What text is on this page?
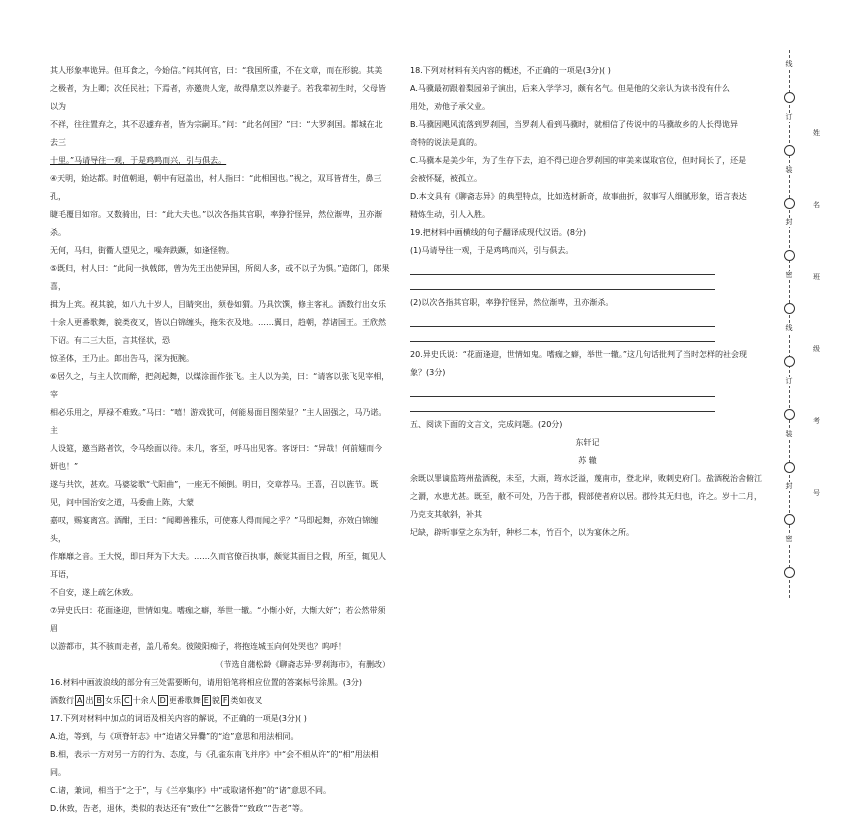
其人形象率诡异。但耳食之，今始信。”问其何官，曰：“我国所重，不在文章，而在形貌。其美
之极者，为上卿；次任民社；下焉者，亦邀贵人宠，故得鼎烹以养妻子。若我辈初生时，父母皆以为
不祥，往往置弃之，其不忍遽弃者，皆为宗嗣耳。”问：“此名何国？”曰：“大罗刹国。都城在北去三
十里。”马请导往一观，于是鸡鸣而兴，引与俱去。
④天明，始达都。时值朝退，朝中有冠盖出，村人指曰：“此相国也。”视之，双耳皆背生，鼻三孔，
睫毛覆目如帘。又数骑出，曰：“此大夫也。”以次各指其官职，率狰狞怪异，然位渐卑，丑亦渐杀。
无何，马归，街衢人望见之，噪奔跌蹶，如逢怪物。
⑤既归，村人曰：“此间一执戟郎，曾为先王出使异国，所阅人多，或不以子为惧。”造郎门，郎果喜，
揖为上宾。视其貌，如八九十岁人，目睛突出，须卷如猬。乃具饮馔，修主客礼。酒数行出女乐
十余人更番歌舞，貌类夜叉，皆以白锦缠头，拖朱衣及地。……翼日，趋朝，荐诸国王。王欣然下诏。有二三大臣，言其怪状，恐
惊圣体，王乃止。郎出告马，深为扼腕。
⑥居久之，与主人饮而醉，把剑起舞，以煤涂面作张飞。主人以为美，曰：“请客以张飞见宰相，宰
相必乐用之，厚禄不难致。”马曰：“嘻！游戏犹可，何能易面目图荣显？”主人固强之，马乃诺。主
人设筵，邀当路者饮，令马绘面以待。未几，客至，呼马出见客。客讶曰：“异哉！何前媸而今妍也！”
遂与共饮，甚欢。马婆娑歌“弋阳曲”，一座无不倾倒。明日，交章荐马。王喜，召以旌节。既见，问中国治安之道，马委曲上陈，大蒙
嘉叹，赐宴离宫。酒酣，王曰：“闻卿善雅乐，可使寡人得而闻之乎？”马即起舞，亦效白锦缠头，
作靡靡之音。王大悦，即日拜为下大夫。……久而官僚百执事，颇觉其面目之假，所至，辄见人耳语，
不自安，遂上疏乞休致。
⑦异史氏曰：花面逢迎，世情如鬼。嗜痂之癖，举世一辙。“小惭小好，大惭大好”；若公然带须眉
以游都市，其不骇而走者，盖几希矣。彼陵阳痴子，将抱连城玉向何处哭也？呜呼！
（节选自蒲松龄《聊斋志异·罗刹海市》，有删改）
16.材料中画波浪线的部分有三处需要断句，请用铅笔将相应位置的答案标号涂黑。(3分)
酒数行 A 出 B 女乐 C 十余人 D 更番歌舞 E 貌 F 类如夜叉
17.下列对材料中加点的词语及相关内容的解说，不正确的一项是(3分)( )
A.迨，等到，与《项脊轩志》中“迨诸父异爨”的“迨”意思和用法相同。
B.相，表示一方对另一方的行为、态度，与《孔雀东南飞并序》中“会不相从许”的“相”用法相
同。
C.诸，兼词，相当于“之于”，与《兰亭集序》中“或取诸怀抱”的“诸”意思不同。
D.休致，告老，退休，类似的表达还有“致仕”“乞骸骨”“致政”“告老”等。
18.下列对材料有关内容的概述，不正确的一项是(3分)( )
A.马骥最初跟着梨园弟子演出，后来入学学习，颇有名气。但是他的父亲认为读书没有什么
用处，劝他子承父业。
B.马骥因飓风流落到罗刹国，当罗刹人看到马骥时，就相信了传说中的马骥故乡的人长得诡异
奇特的说法是真的。
C.马骥本是美少年，为了生存下去，迫不得已迎合罗刹国的审美来谋取官位，但时间长了，还是
会被怀疑，被孤立。
D.本文具有《聊斋志异》的典型特点，比如选材新奇，故事曲折，叙事写人细腻形象，语言表达
精炼生动，引人入胜。
19.把材料中画横线的句子翻译成现代汉语。(8分)
(1)马请导往一观，于是鸡鸣而兴，引与俱去。
(2)以次各指其官职，率狰狞怪异，然位渐卑，丑亦渐杀。
20.异史氏说：“花面逢迎，世情如鬼。嗜痂之癖，举世一辙。”这几句话批判了当时怎样的社会现
象？(3分)
五、阅读下面的文言文，完成问题。(20分)
东轩记
苏 辙
余既以罪谪监筠州盐酒税，未至，大雨，筠水泛溢，蔑南市，登北岸，败刺史府门。盐酒税治舍俯江
之漘，水患尤甚。既至，敝不可处，乃告于郡，假部使者府以居。郡怜其无归也，许之。岁十二月，乃克支其欹斜，补其
圮缺，辟听事堂之东为轩，种杉二本，竹百个，以为宴休之所。
线
订
装
封
密
线
订
装
封
密
姓
名
班
级
考
号
